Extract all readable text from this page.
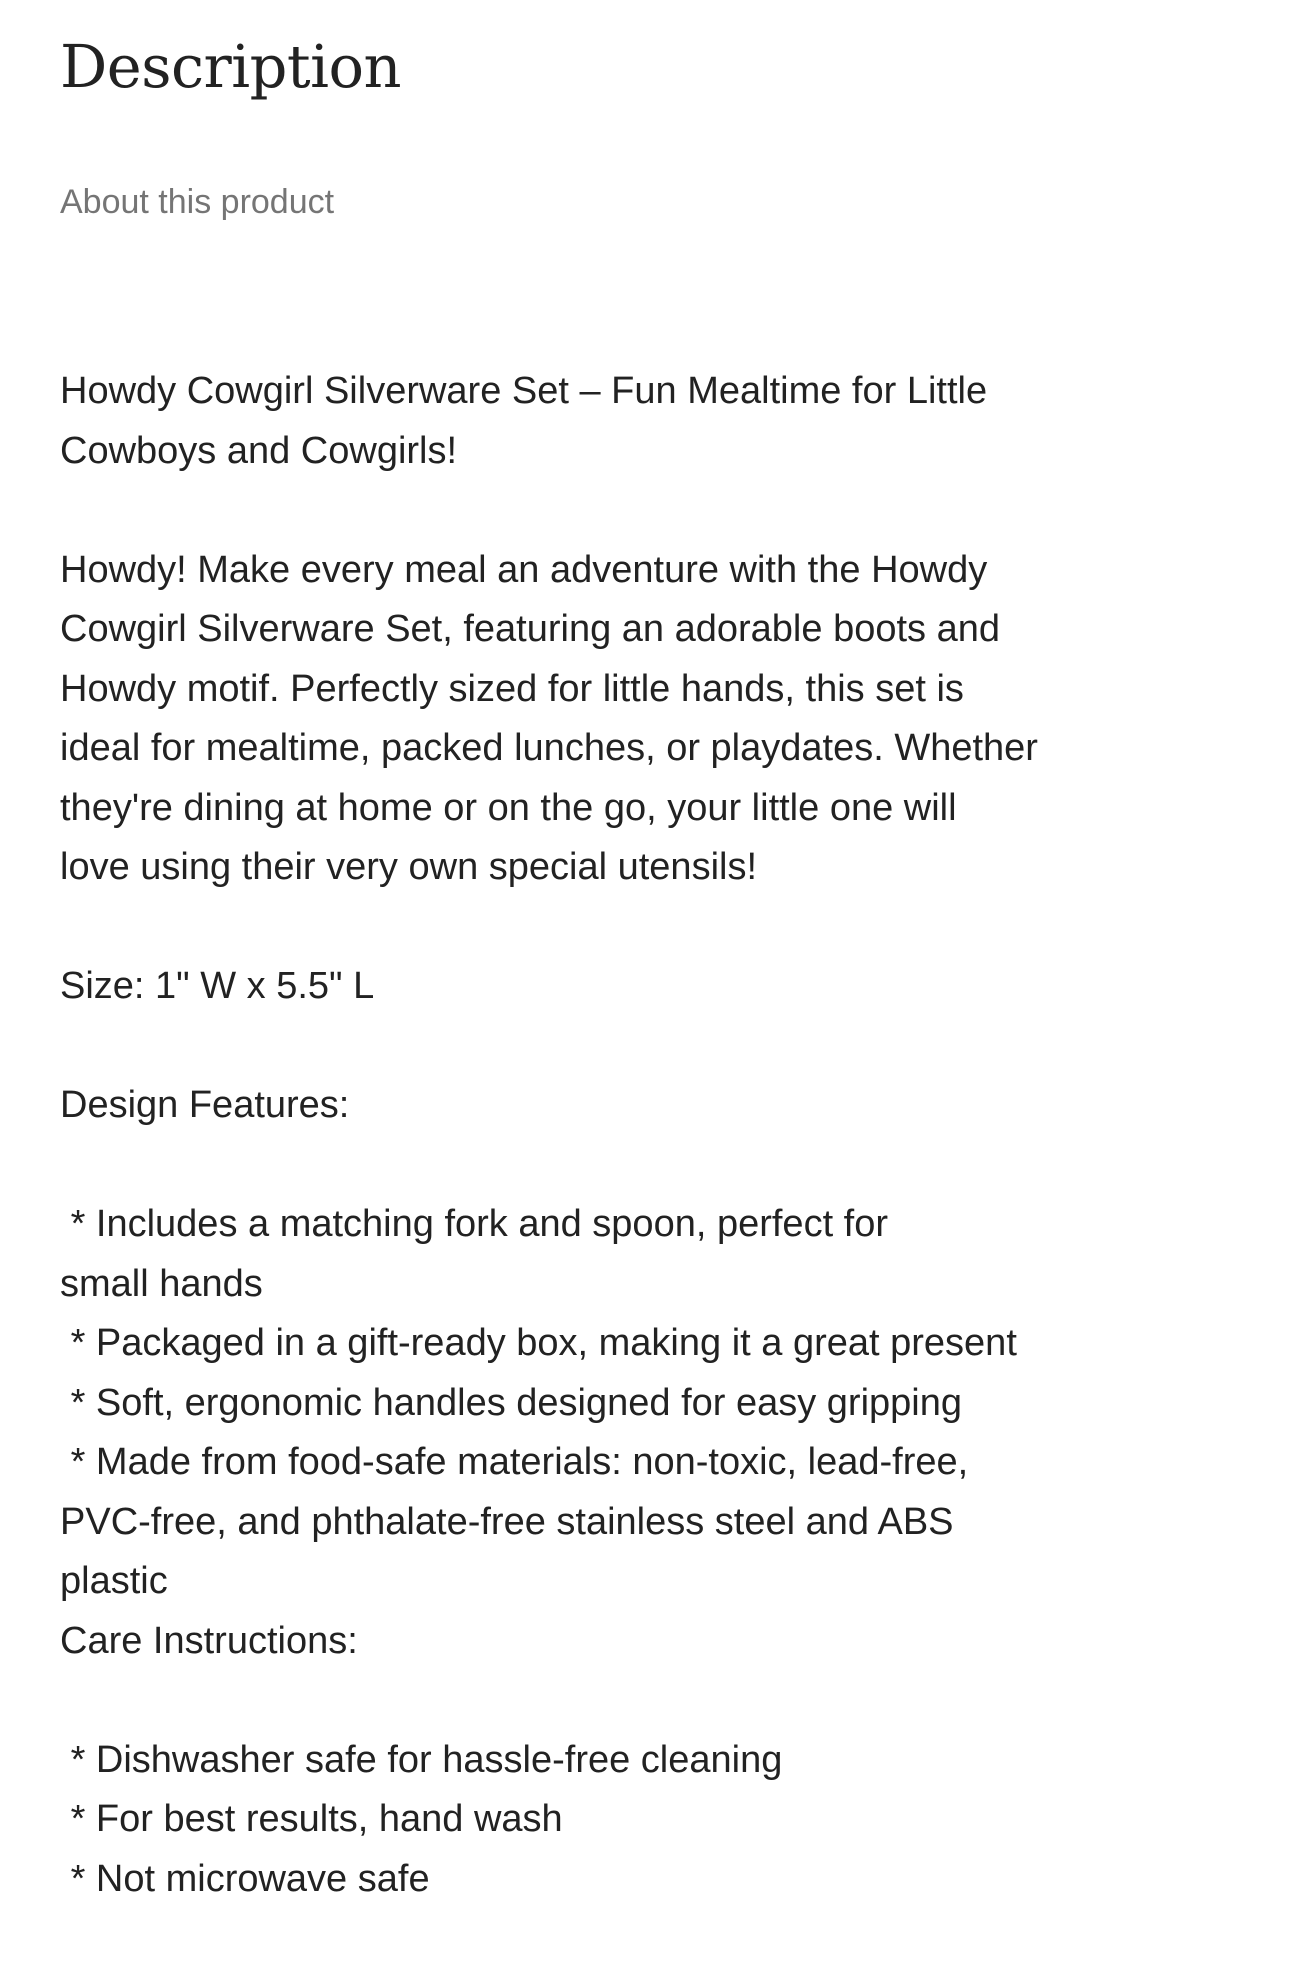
Description

About this product

Howdy Cowgirl Silverware Set – Fun Mealtime for Little
Cowboys and Cowgirls!

Howdy! Make every meal an adventure with the Howdy
Cowgirl Silverware Set, featuring an adorable boots and
Howdy motif. Perfectly sized for little hands, this set is
ideal for mealtime, packed lunches, or playdates. Whether
they're dining at home or on the go, your little one will
love using their very own special utensils!

Size: 1" W x 5.5" L

Design Features:

* Includes a matching fork and spoon, perfect for
small hands
* Packaged in a gift-ready box, making it a great present
* Soft, ergonomic handles designed for easy gripping
* Made from food-safe materials: non-toxic, lead-free,
PVC-free, and phthalate-free stainless steel and ABS
plastic
Care Instructions:

* Dishwasher safe for hassle-free cleaning
* For best results, hand wash
* Not microwave safe
